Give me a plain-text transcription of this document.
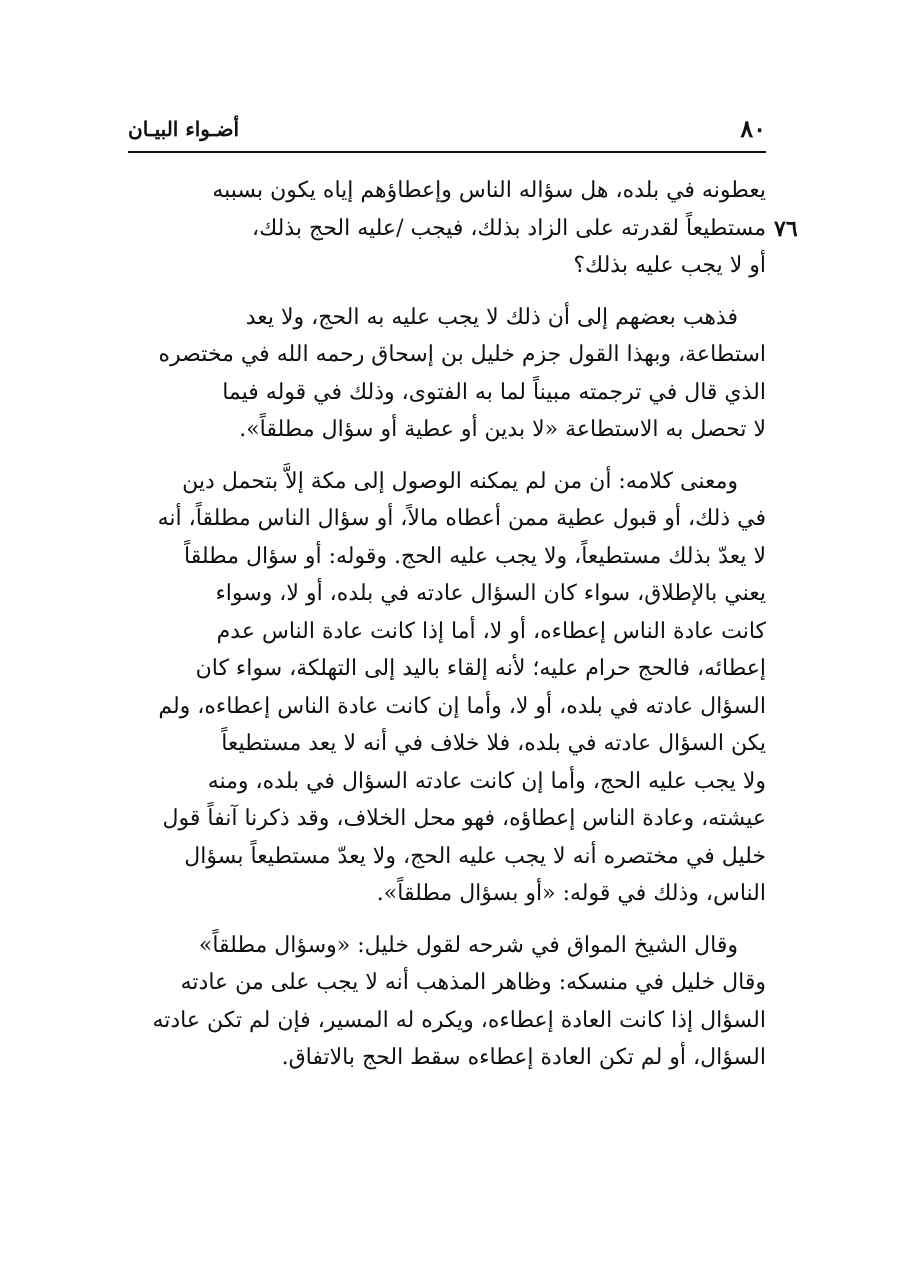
٨٠
أضـواء البيـان
٧٦
يعطونه في بلده، هل سؤاله الناس وإعطاؤهم إياه يكون بسببه
مستطيعاً لقدرته على الزاد بذلك، فيجب /عليه الحج بذلك،
أو لا يجب عليه بذلك؟
فذهب بعضهم إلى أن ذلك لا يجب عليه به الحج، ولا يعد
استطاعة، وبهذا القول جزم خليل بن إسحاق رحمه الله في مختصره
الذي قال في ترجمته مبيناً لما به الفتوى، وذلك في قوله فيما
لا تحصل به الاستطاعة «لا بدين أو عطية أو سؤال مطلقاً».
ومعنى كلامه: أن من لم يمكنه الوصول إلى مكة إلاَّ بتحمل دين
في ذلك، أو قبول عطية ممن أعطاه مالاً، أو سؤال الناس مطلقاً، أنه
لا يعدّ بذلك مستطيعاً، ولا يجب عليه الحج. وقوله: أو سؤال مطلقاً
يعني بالإطلاق، سواء كان السؤال عادته في بلده، أو لا، وسواء
كانت عادة الناس إعطاءه، أو لا، أما إذا كانت عادة الناس عدم
إعطائه، فالحج حرام عليه؛ لأنه إلقاء باليد إلى التهلكة، سواء كان
السؤال عادته في بلده، أو لا، وأما إن كانت عادة الناس إعطاءه، ولم
يكن السؤال عادته في بلده، فلا خلاف في أنه لا يعد مستطيعاً
ولا يجب عليه الحج، وأما إن كانت عادته السؤال في بلده، ومنه
عيشته، وعادة الناس إعطاؤه، فهو محل الخلاف، وقد ذكرنا آنفاً قول
خليل في مختصره أنه لا يجب عليه الحج، ولا يعدّ مستطيعاً بسؤال
الناس، وذلك في قوله: «أو بسؤال مطلقاً».
وقال الشيخ المواق في شرحه لقول خليل: «وسؤال مطلقاً»
وقال خليل في منسكه: وظاهر المذهب أنه لا يجب على من عادته
السؤال إذا كانت العادة إعطاءه، ويكره له المسير، فإن لم تكن عادته
السؤال، أو لم تكن العادة إعطاءه سقط الحج بالاتفاق.
